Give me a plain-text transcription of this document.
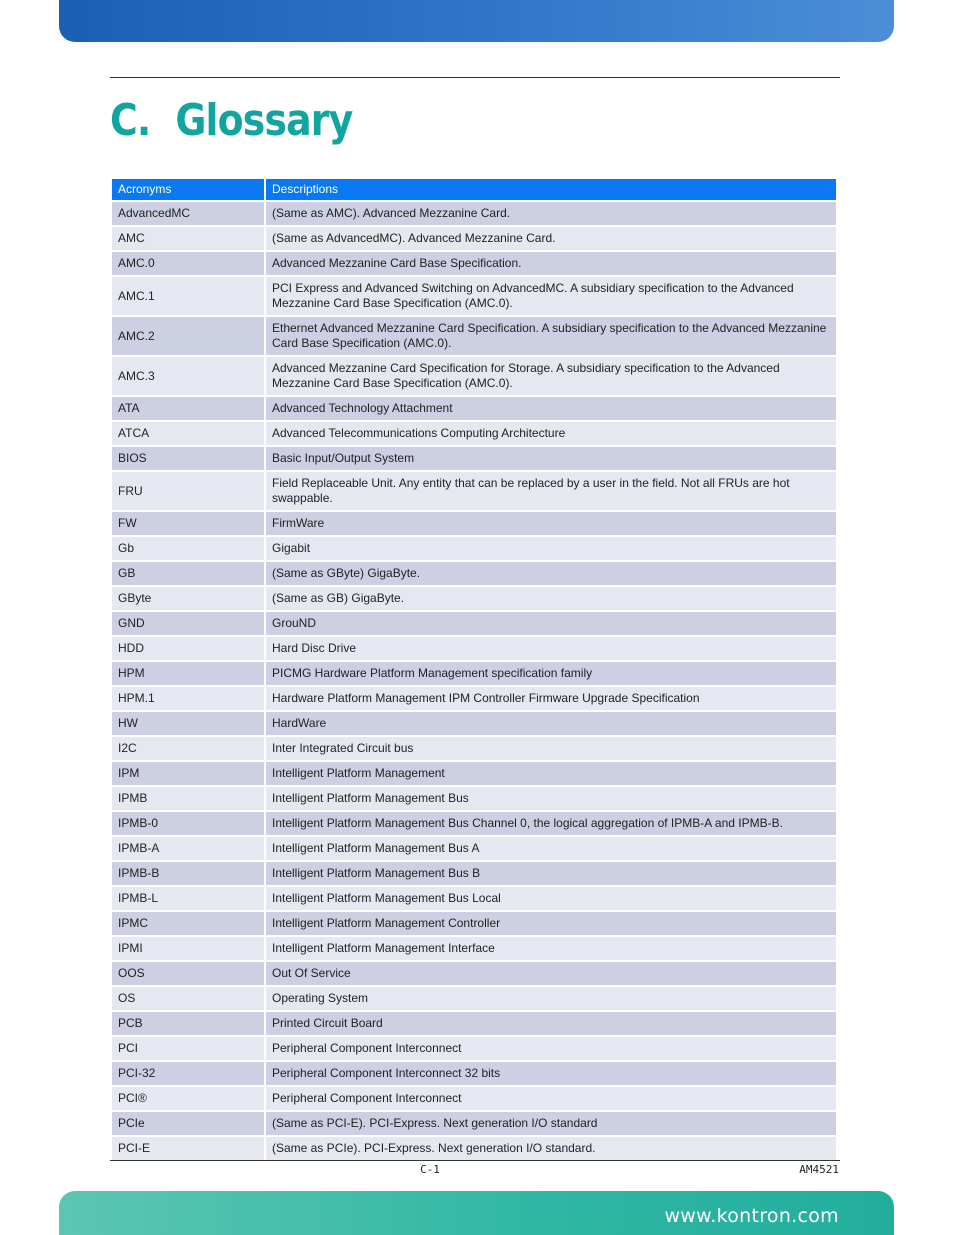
C. Glossary
Acronyms	Descriptions
AdvancedMC	(Same as AMC). Advanced Mezzanine Card.
AMC	(Same as AdvancedMC). Advanced Mezzanine Card.
AMC.0	Advanced Mezzanine Card Base Specification.
AMC.1	PCI Express and Advanced Switching on AdvancedMC. A subsidiary specification to the Advanced Mezzanine Card Base Specification (AMC.0).
AMC.2	Ethernet Advanced Mezzanine Card Specification. A subsidiary specification to the Advanced Mezzanine Card Base Specification (AMC.0).
AMC.3	Advanced Mezzanine Card Specification for Storage. A subsidiary specification to the Advanced Mezzanine Card Base Specification (AMC.0).
ATA	Advanced Technology Attachment
ATCA	Advanced Telecommunications Computing Architecture
BIOS	Basic Input/Output System
FRU	Field Replaceable Unit. Any entity that can be replaced by a user in the field. Not all FRUs are hot swappable.
FW	FirmWare
Gb	Gigabit
GB	(Same as GByte) GigaByte.
GByte	(Same as GB) GigaByte.
GND	GrouND
HDD	Hard Disc Drive
HPM	PICMG Hardware Platform Management specification family
HPM.1	Hardware Platform Management IPM Controller Firmware Upgrade Specification
HW	HardWare
I2C	Inter Integrated Circuit bus
IPM	Intelligent Platform Management
IPMB	Intelligent Platform Management Bus
IPMB-0	Intelligent Platform Management Bus Channel 0, the logical aggregation of IPMB-A and IPMB-B.
IPMB-A	Intelligent Platform Management Bus A
IPMB-B	Intelligent Platform Management Bus B
IPMB-L	Intelligent Platform Management Bus Local
IPMC	Intelligent Platform Management Controller
IPMI	Intelligent Platform Management Interface
OOS	Out Of Service
OS	Operating System
PCB	Printed Circuit Board
PCI	Peripheral Component Interconnect
PCI-32	Peripheral Component Interconnect 32 bits
PCI®	Peripheral Component Interconnect
PCIe	(Same as PCI-E). PCI-Express. Next generation I/O standard
PCI-E	(Same as PCIe). PCI-Express. Next generation I/O standard.
C-1	AM4521
www.kontron.com
